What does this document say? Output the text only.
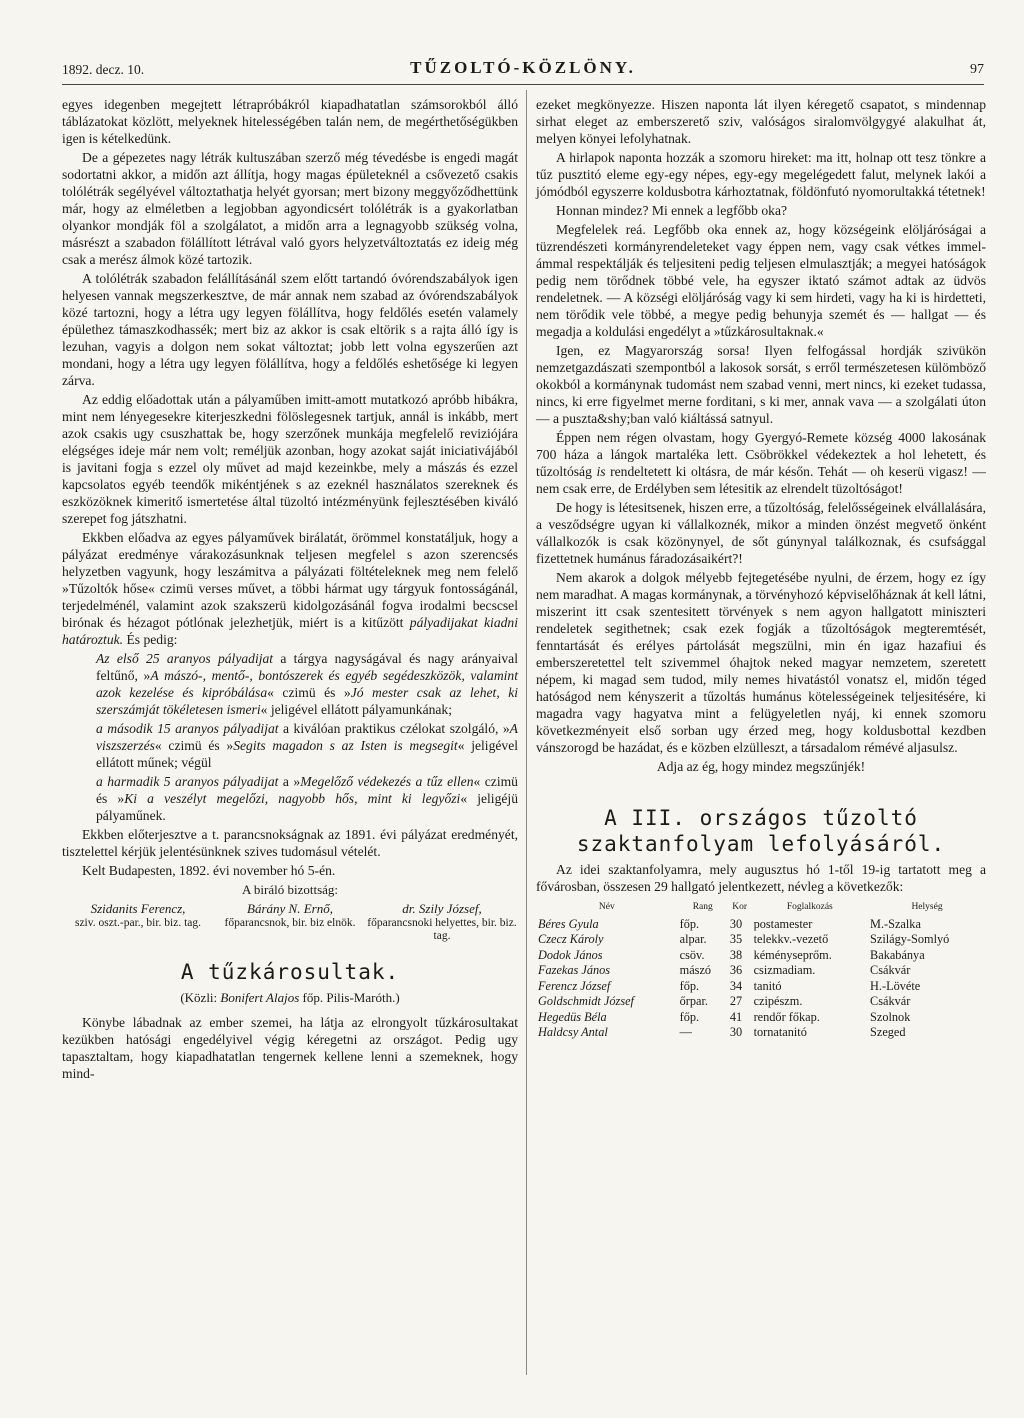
1892. decz. 10.	TŰZOLTÓ-KÖZLÖNY.	97

egyes idegenben megejtett létrapróbákról kiapadhatatlan számsorokból álló táblázatokat közlött, melyeknek hitelességében talán nem, de megérthetőségükben igen is kételkedünk.

De a gépezetes nagy létrák kultuszában szerző még tévedésbe is engedi magát sodortatni akkor, a midőn azt állítja, hogy magas épületeknél a csővezető csakis tolólétrák segélyével változtathatja helyét gyorsan; mert bizony meggyőződhettünk már, hogy az elméletben a legjobban agyondicsért tolólétrák is a gyakorlatban olyankor mondják föl a szolgálatot, a midőn arra a legnagyobb szükség volna, másrészt a szabadon fölállított létrával való gyors helyzetváltoztatás ez ideig még csak a merész álmok közé tartozik.

A tolólétrák szabadon felállításánál szem előtt tartandó óvórendszabályok igen helyesen vannak megszerkesztve, de már annak nem szabad az óvórendszabályok közé tartozni, hogy a létra ugy legyen fölállítva, hogy feldőlés esetén valamely épülethez támaszkodhassék; mert biz az akkor is csak eltörik s a rajta álló így is lezuhan, vagyis a dolgon nem sokat változtat; jobb lett volna egyszerűen azt mondani, hogy a létra ugy legyen fölállítva, hogy a feldőlés eshetősége ki legyen zárva.

Az eddig előadottak után a pályaműben imitt-amott mutatkozó apróbb hibákra, mint nem lényegesekre kiterjeszkedni fölöslegesnek tartjuk, annál is inkább, mert azok csakis ugy csuszhattak be, hogy szerzőnek munkája megfelelő reviziójára elégséges ideje már nem volt; reméljük azonban, hogy azokat saját iniciativájából is javitani fogja s ezzel oly művet ad majd kezeinkbe, mely a mászás és ezzel kapcsolatos egyéb teendők mikéntjének s az ezeknél használatos szereknek és eszközöknek kimeritő ismertetése által tüzoltó intézményünk fejlesztésében kiváló szerepet fog játszhatni.

Ekkben előadva az egyes pályaművek birálatát, örömmel konstatáljuk, hogy a pályázat eredménye várakozásunknak teljesen megfelel s azon szerencsés helyzetben vagyunk, hogy leszámitva a pályázati föltételeknek meg nem felelő »Tűzoltók hőse« czimü verses művet, a többi hármat ugy tárgyuk fontosságánál, terjedelménél, valamint azok szakszerü kidolgozásánál fogva irodalmi becscsel birónak és hézagot pótlónak jelezhetjük, miért is a kitűzött pályadijakat kiadni határoztuk. És pedig:

Az első 25 aranyos pályadijat a tárgya nagyságával és nagy arányaival feltűnő, »A mászó-, mentő-, bontószerek és egyéb segédeszközök, valamint azok kezelése és kipróbálása« czimü és »Jó mester csak az lehet, ki szerszámját tökéletesen ismeri« jeligével ellátott pályamunkának;

a második 15 aranyos pályadijat a kiválóan praktikus czélokat szolgáló, »A viszszerzés« czimü és »Segits magadon s az Isten is megsegit« jeligével ellátott műnek; végül

a harmadik 5 aranyos pályadijat a »Megelőző védekezés a tűz ellen« czimü és »Ki a veszélyt megelőzi, nagyobb hős, mint ki legyőzi« jeligéjü pályaműnek.

Ekkben előterjesztve a t. parancsnokságnak az 1891. évi pályázat eredményét, tisztelettel kérjük jelentésünknek szives tudomásul vételét.

Kelt Budapesten, 1892. évi november hó 5-én.

A biráló bizottság:
Szidanits Ferencz,
sziv. oszt.-par., bir. biz. tag.
Bárány N. Ernő,
főparancsnok, bir. biz elnök.
dr. Szily József,
főparancsnoki helyettes, bir. biz. tag.
A tűzkárosultak.
(Közli: Bonifert Alajos főp. Pilis-Maróth.)

Könybe lábadnak az ember szemei, ha látja az elrongyolt tűzkárosultakat kezükben hatósági engedélyivel végig kéregetni az országot. Pedig ugy tapasztaltam, hogy kiapadhatatlan tengernek kellene lenni a szemeknek, hogy mind-

ezeket megkönyezze. Hiszen naponta lát ilyen kéregető csapatot, s mindennap sirhat eleget az emberszerető sziv, valóságos siralomvölgygyé alakulhat át, melyen könyei lefolyhatnak.

A hirlapok naponta hozzák a szomoru hireket: ma itt, holnap ott tesz tönkre a tűz pusztitó eleme egy-egy népes, egy-egy megelégedett falut, melynek lakói a jómódból egyszerre koldusbotra kárhoztatnak, földönfutó nyomorultakká tétetnek!

Honnan mindez? Mi ennek a legfőbb oka?

Megfelelek reá. Legfőbb oka ennek az, hogy községeink elöljáróságai a tüzrendészeti kormányrendeleteket vagy éppen nem, vagy csak vétkes immel-ámmal respektálják és teljesiteni pedig teljesen elmulasztják; a megyei hatóságok pedig nem törődnek többé vele, ha egyszer iktató számot adtak az üdvös rendeletnek. — A községi elöljáróság vagy ki sem hirdeti, vagy ha ki is hirdetteti, nem törődik vele többé, a megye pedig behunyja szemét és — hallgat — és megadja a koldulási engedélyt a »tűzkárosultaknak.«

Igen, ez Magyarország sorsa! Ilyen felfogással hordják szivükön nemzetgazdászati szempontból a lakosok sorsát, s erről természetesen külömböző okokból a kormánynak tudomást nem szabad venni, mert nincs, ki ezeket tudassa, nincs, ki erre figyelmet merne forditani, s ki mer, annak vava — a szolgálati úton — a puszta&shy;ban való kiáltássá satnyul.

Éppen nem régen olvastam, hogy Gyergyó-Remete község 4000 lakosának 700 háza a lángok martaléka lett. Csöbrökkel védekeztek a hol lehetett, és tűzoltóság is rendeltetett ki oltásra, de már későn. Tehát — oh keserü vigasz! — nem csak erre, de Erdélyben sem létesitik az elrendelt tüzoltóságot!

De hogy is létesitsenek, hiszen erre, a tűzoltóság, felelősségeinek elvállalására, a vesződségre ugyan ki vállalkoznék, mikor a minden önzést megvető önként vállalkozók is csak közönynyel, de sőt gúnynyal találkoznak, és csufsággal fizettetnek humánus fáradozásaikért?!

Nem akarok a dolgok mélyebb fejtegetésébe nyulni, de érzem, hogy ez így nem maradhat. A magas kormánynak, a törvényhozó képviselőháznak át kell látni, miszerint itt csak szentesitett törvények s nem agyon hallgatott miniszteri rendeletek segithetnek; csak ezek fogják a tűzoltóságok megteremtését, fenntartását és erélyes pártolását megszülni, min én igaz hazafiui és emberszeretettel telt szivemmel óhajtok neked magyar nemzetem, szeretett népem, ki magad sem tudod, mily nemes hivatástól vonatsz el, midőn téged hatóságod nem kényszerit a tűzoltás humánus kötelességeinek teljesitésére, ki magadra vagy hagyatva mint a felügyeletlen nyáj, ki ennek szomoru következményeit első sorban ugy érzed meg, hogy koldusbottal kezdben vánszorogd be hazádat, és e közben elzülleszt, a társadalom rémévé aljasulsz.

Adja az ég, hogy mindez megszűnjék!

A III. országos tűzoltó szaktanfolyam lefolyásáról.

Az idei szaktanfolyamra, mely augusztus hó 1-től 19-ig tartatott meg a fővárosban, összesen 29 hallgató jelentkezett, névleg a következők:

Név	Rang	Kor	Foglalkozás	Helység
Béres Gyula	főp.	30	postamester	M.-Szalka
Czecz Károly	alpar.	35	telekkv.-vezető	Szilágy-Somlyó
Dodok János	csöv.	38	kéményseprőm.	Bakabánya
Fazekas János	mászó	36	csizmadiam.	Csákvár
Ferencz József	főp.	34	tanitó	H.-Lövéte
Goldschmidt József	őrpar.	27	czipészm.	Csákvár
Hegedüs Béla	főp.	41	rendőr főkap.	Szolnok
Haldcsy Antal	—	30	tornatanitó	Szeged
